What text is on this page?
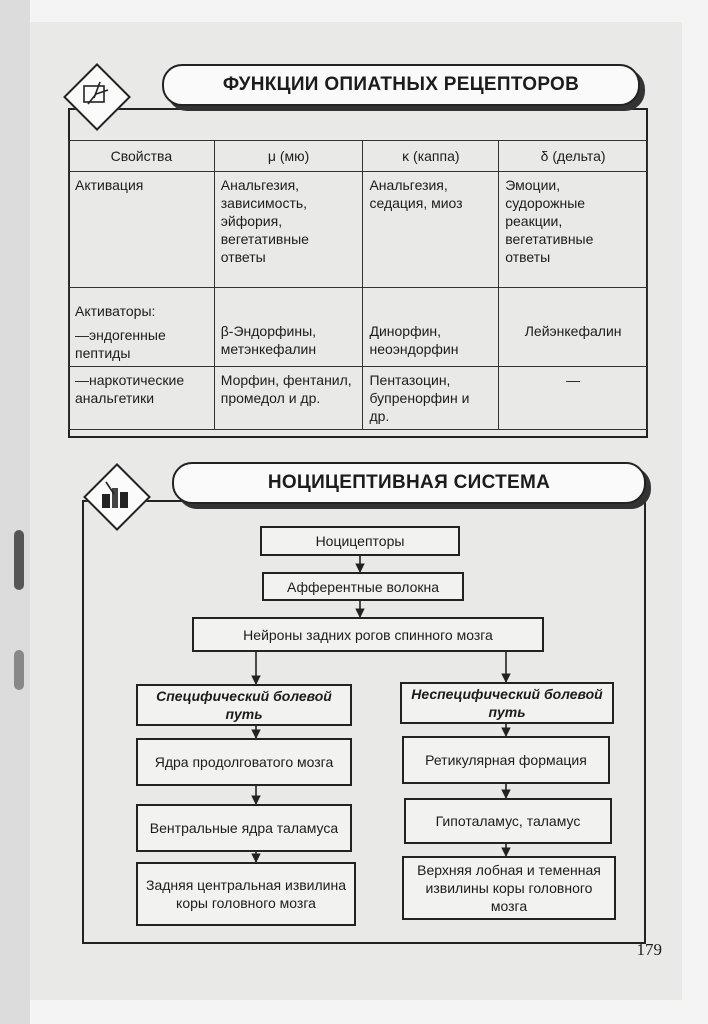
ФУНКЦИИ ОПИАТНЫХ РЕЦЕПТОРОВ
Свойства	μ (мю)	κ (каппа)	δ (дельта)
Активация	Анальгезия, зависимость, эйфория, вегетативные ответы	Анальгезия, седация, миоз	Эмоции, судорожные реакции, вегетативные ответы

Активаторы:
—эндогенные пептиды	β-Эндорфины, метэнкефалин	Динорфин, неоэндорфин	Лейэнкефалин
—наркотические анальгетики	Морфин, фентанил, промедол и др.	Пентазоцин, бупренорфин и др.	—
НОЦИЦЕПТИВНАЯ СИСТЕМА
Ноцицепторы
Афферентные волокна
Нейроны задних рогов спинного мозга
Специфический болевой путь
Ядра продолговатого мозга
Вентральные ядра таламуса
Задняя центральная извилина коры головного мозга
Неспецифический болевой путь
Ретикулярная формация
Гипоталамус, таламус
Верхняя лобная и теменная извилины коры головного мозга
179
